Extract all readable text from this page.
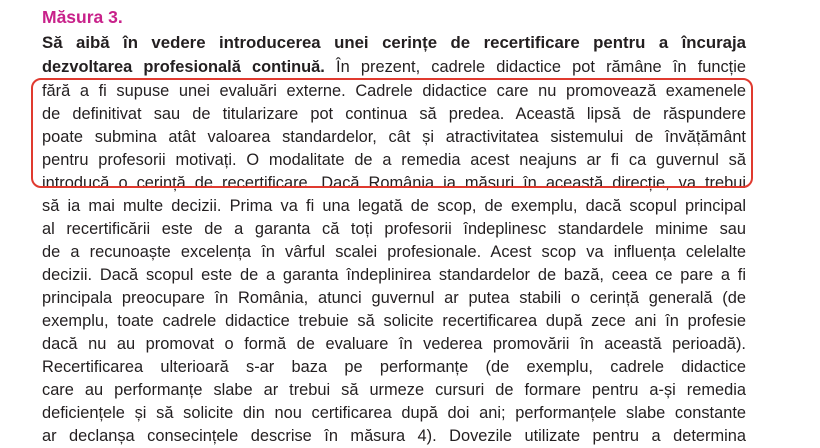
Măsura 3.
Să aibă în vedere introducerea unei cerințe de recertificare pentru a încuraja
dezvoltarea profesională continuă. În prezent, cadrele didactice pot rămâne în funcție
fără a fi supuse unei evaluări externe. Cadrele didactice care nu promovează examenele
de definitivat sau de titularizare pot continua să predea. Această lipsă de răspundere
poate submina atât valoarea standardelor, cât și atractivitatea sistemului de învățământ
pentru profesorii motivați. O modalitate de a remedia acest neajuns ar fi ca guvernul să
introducă o cerință de recertificare. Dacă România ia măsuri în această direcție, va trebui
să ia mai multe decizii. Prima va fi una legată de scop, de exemplu, dacă scopul principal
al recertificării este de a garanta că toți profesorii îndeplinesc standardele minime sau
de a recunoaște excelența în vârful scalei profesionale. Acest scop va influența celelalte
decizii. Dacă scopul este de a garanta îndeplinirea standardelor de bază, ceea ce pare a fi
principala preocupare în România, atunci guvernul ar putea stabili o cerință generală (de
exemplu, toate cadrele didactice trebuie să solicite recertificarea după zece ani în profesie
dacă nu au promovat o formă de evaluare în vederea promovării în această perioadă).
Recertificarea ulterioară s-ar baza pe performanțe (de exemplu, cadrele didactice
care au performanțe slabe ar trebui să urmeze cursuri de formare pentru a-și remedia
deficiențele și să solicite din nou certificarea după doi ani; performanțele slabe constante
ar declanșa consecințele descrise în măsura 4). Dovezile utilizate pentru a determina
